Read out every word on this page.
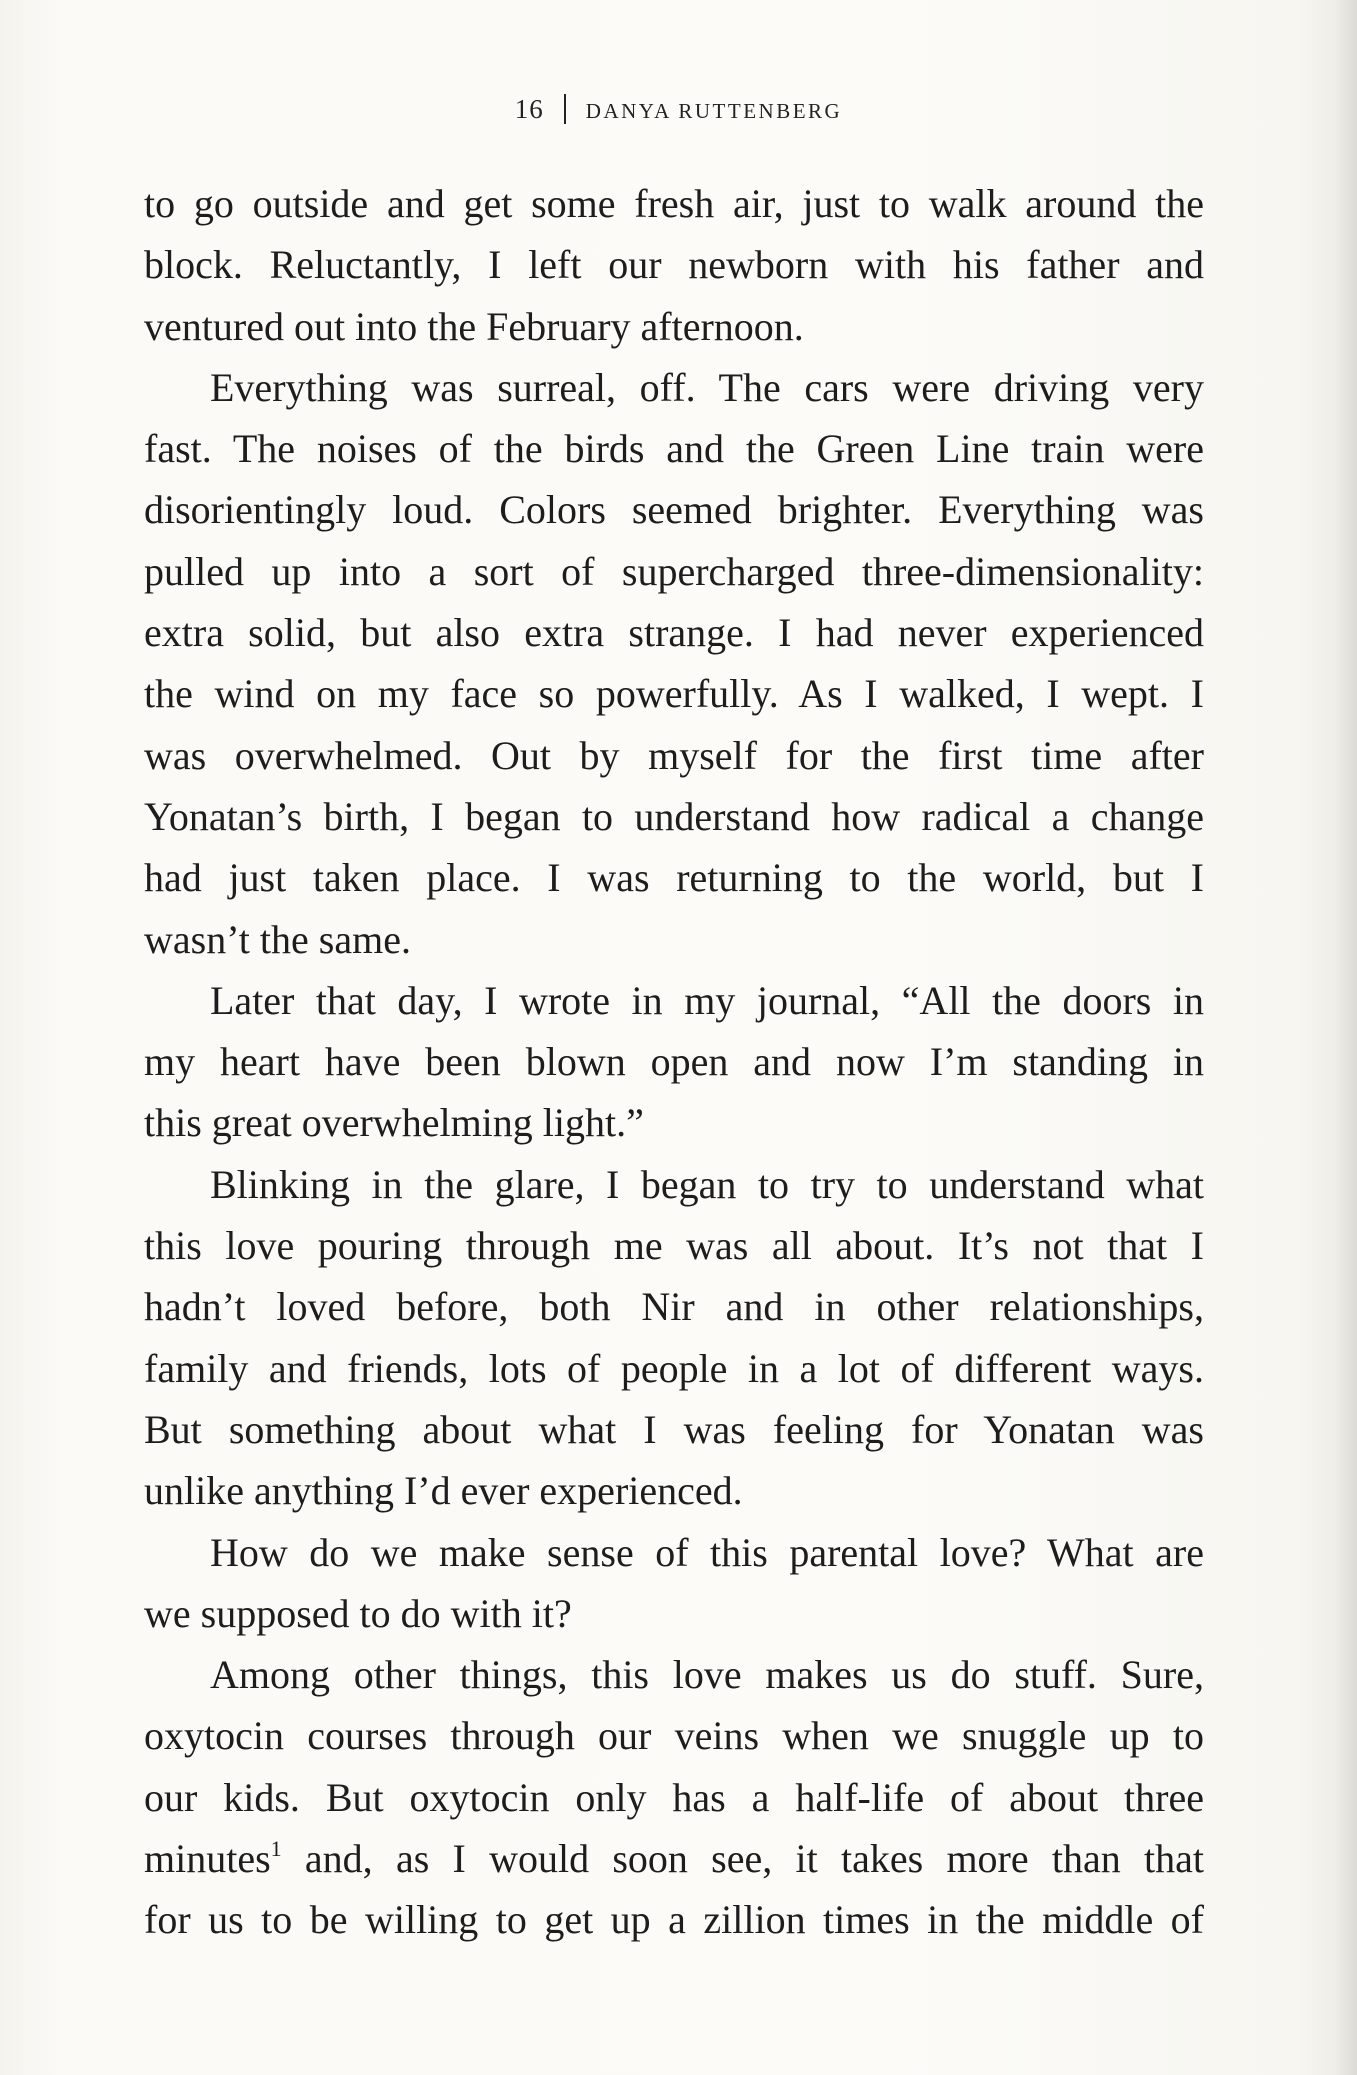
16 DANYA RUTTENBERG
to go outside and get some fresh air, just to walk around the
block. Reluctantly, I left our newborn with his father and
ventured out into the February afternoon.
Everything was surreal, off. The cars were driving very
fast. The noises of the birds and the Green Line train were
disorientingly loud. Colors seemed brighter. Everything was
pulled up into a sort of supercharged three-dimensionality:
extra solid, but also extra strange. I had never experienced
the wind on my face so powerfully. As I walked, I wept. I
was overwhelmed. Out by myself for the first time after
Yonatan’s birth, I began to understand how radical a change
had just taken place. I was returning to the world, but I
wasn’t the same.
Later that day, I wrote in my journal, “All the doors in
my heart have been blown open and now I’m standing in
this great overwhelming light.”
Blinking in the glare, I began to try to understand what
this love pouring through me was all about. It’s not that I
hadn’t loved before, both Nir and in other relationships,
family and friends, lots of people in a lot of different ways.
But something about what I was feeling for Yonatan was
unlike anything I’d ever experienced.
How do we make sense of this parental love? What are
we supposed to do with it?
Among other things, this love makes us do stuff. Sure,
oxytocin courses through our veins when we snuggle up to
our kids. But oxytocin only has a half-life of about three
minutes$^1$ and, as I would soon see, it takes more than that
for us to be willing to get up a zillion times in the middle of
